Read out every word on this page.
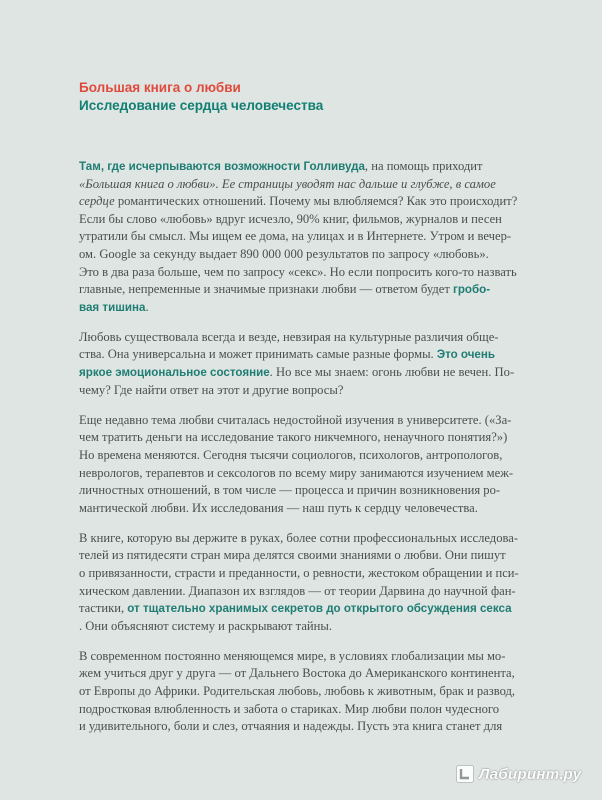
Большая книга о любви
Исследование сердца человечества
Там, где исчерпываются возможности Голливуда, на помощь приходит
«Большая книга о любви». Ее страницы уводят нас дальше и глубже, в самое
сердце романтических отношений. Почему мы влюбляемся? Как это происходит?
Если бы слово «любовь» вдруг исчезло, 90% книг, фильмов, журналов и песен
утратили бы смысл. Мы ищем ее дома, на улицах и в Интернете. Утром и вечер-
ом. Google за секунду выдает 890 000 000 результатов по запросу «любовь».
Это в два раза больше, чем по запросу «секс». Но если попросить кого-то назвать
главные, непременные и значимые признаки любви — ответом будет гробо-
вая тишина.
Любовь существовала всегда и везде, невзирая на культурные различия обще-
ства. Она универсальна и может принимать самые разные формы. Это очень
яркое эмоциональное состояние. Но все мы знаем: огонь любви не вечен. По-
чему? Где найти ответ на этот и другие вопросы?
Еще недавно тема любви считалась недостойной изучения в университете. («За-
чем тратить деньги на исследование такого никчемного, ненаучного понятия?»)
Но времена меняются. Сегодня тысячи социологов, психологов, антропологов,
неврологов, терапевтов и сексологов по всему миру занимаются изучением меж-
личностных отношений, в том числе — процесса и причин возникновения ро-
мантической любви. Их исследования — наш путь к сердцу человечества.
В книге, которую вы держите в руках, более сотни профессиональных исследова-
телей из пятидесяти стран мира делятся своими знаниями о любви. Они пишут
о привязанности, страсти и преданности, о ревности, жестоком обращении и пси-
хическом давлении. Диапазон их взглядов — от теории Дарвина до научной фан-
тастики, от тщательно хранимых секретов до открытого обсуждения секса
. Они объясняют систему и раскрывают тайны.
В современном постоянно меняющемся мире, в условиях глобализации мы мо-
жем учиться друг у друга — от Дальнего Востока до Американского континента,
от Европы до Африки. Родительская любовь, любовь к животным, брак и развод,
подростковая влюбленность и забота о стариках. Мир любви полон чудесного
и удивительного, боли и слез, отчаяния и надежды. Пусть эта книга станет для
Лабиринт.ру
